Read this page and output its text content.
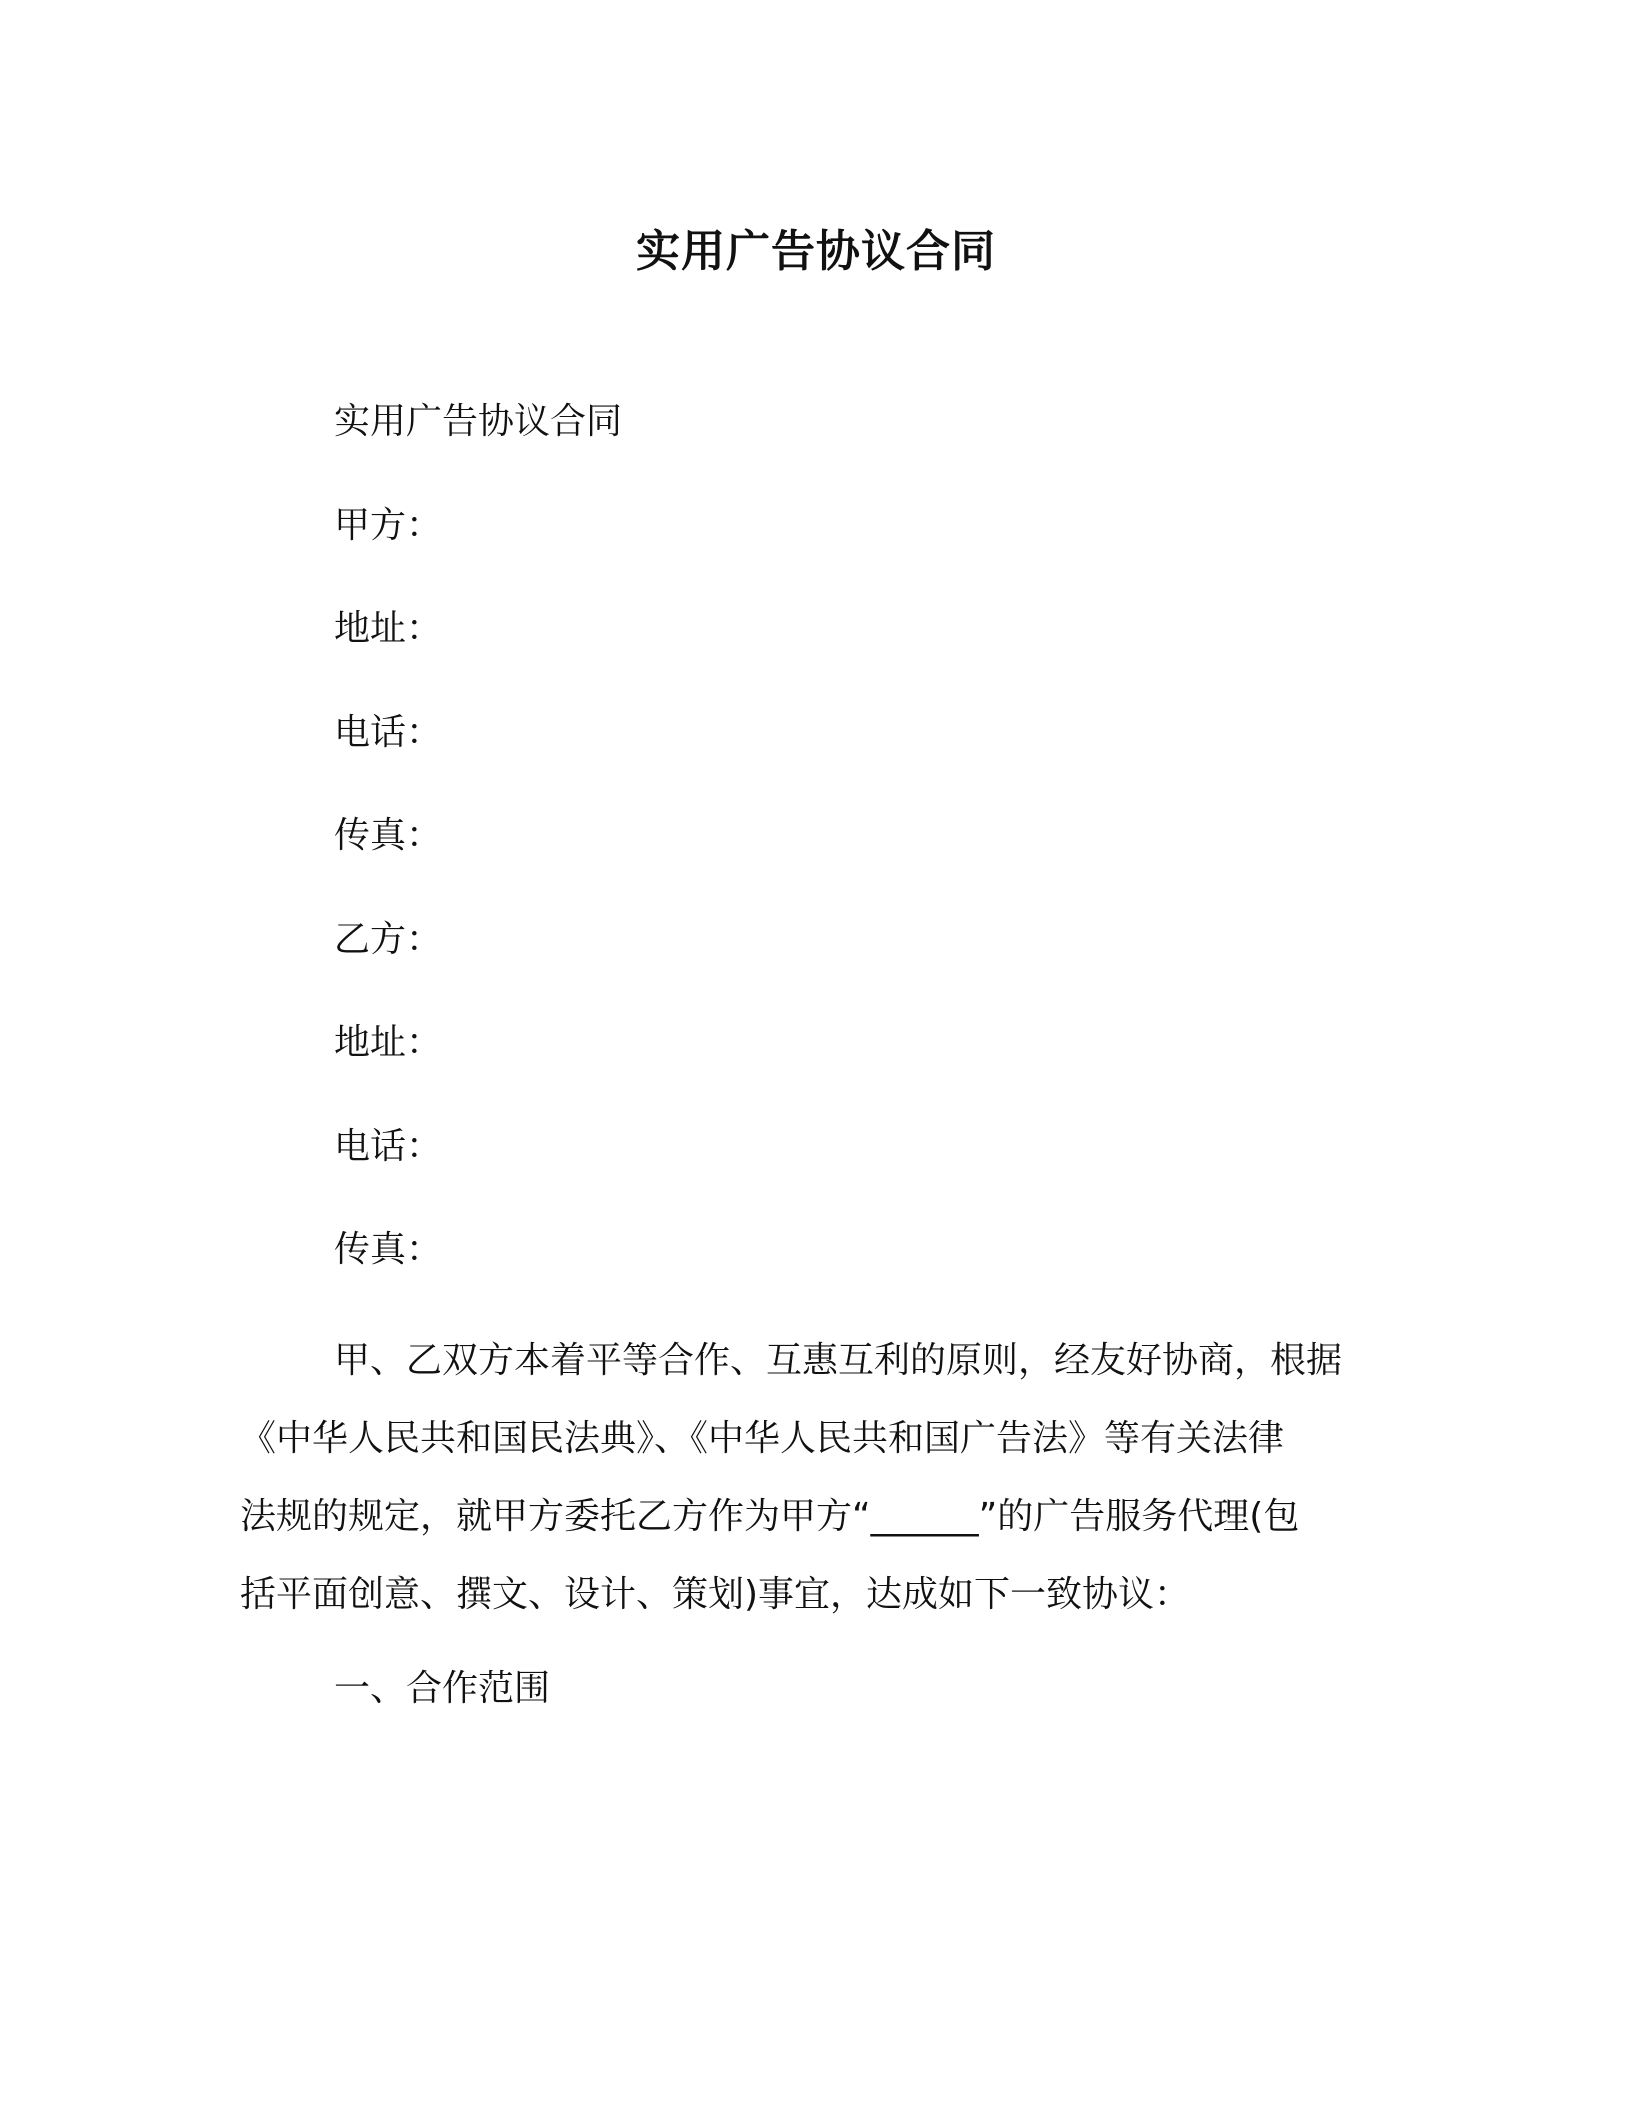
实用广告协议合同
实用广告协议合同
甲方：
地址：
电话：
传真：
乙方：
地址：
电话：
传真：
甲、乙双方本着平等合作、互惠互利的原则，经友好协商，根据
《中华人民共和国民法典》、《中华人民共和国广告法》等有关法律
法规的规定，就甲方委托乙方作为甲方“______”的广告服务代理(包
括平面创意、撰文、设计、策划)事宜，达成如下一致协议：
一、合作范围
